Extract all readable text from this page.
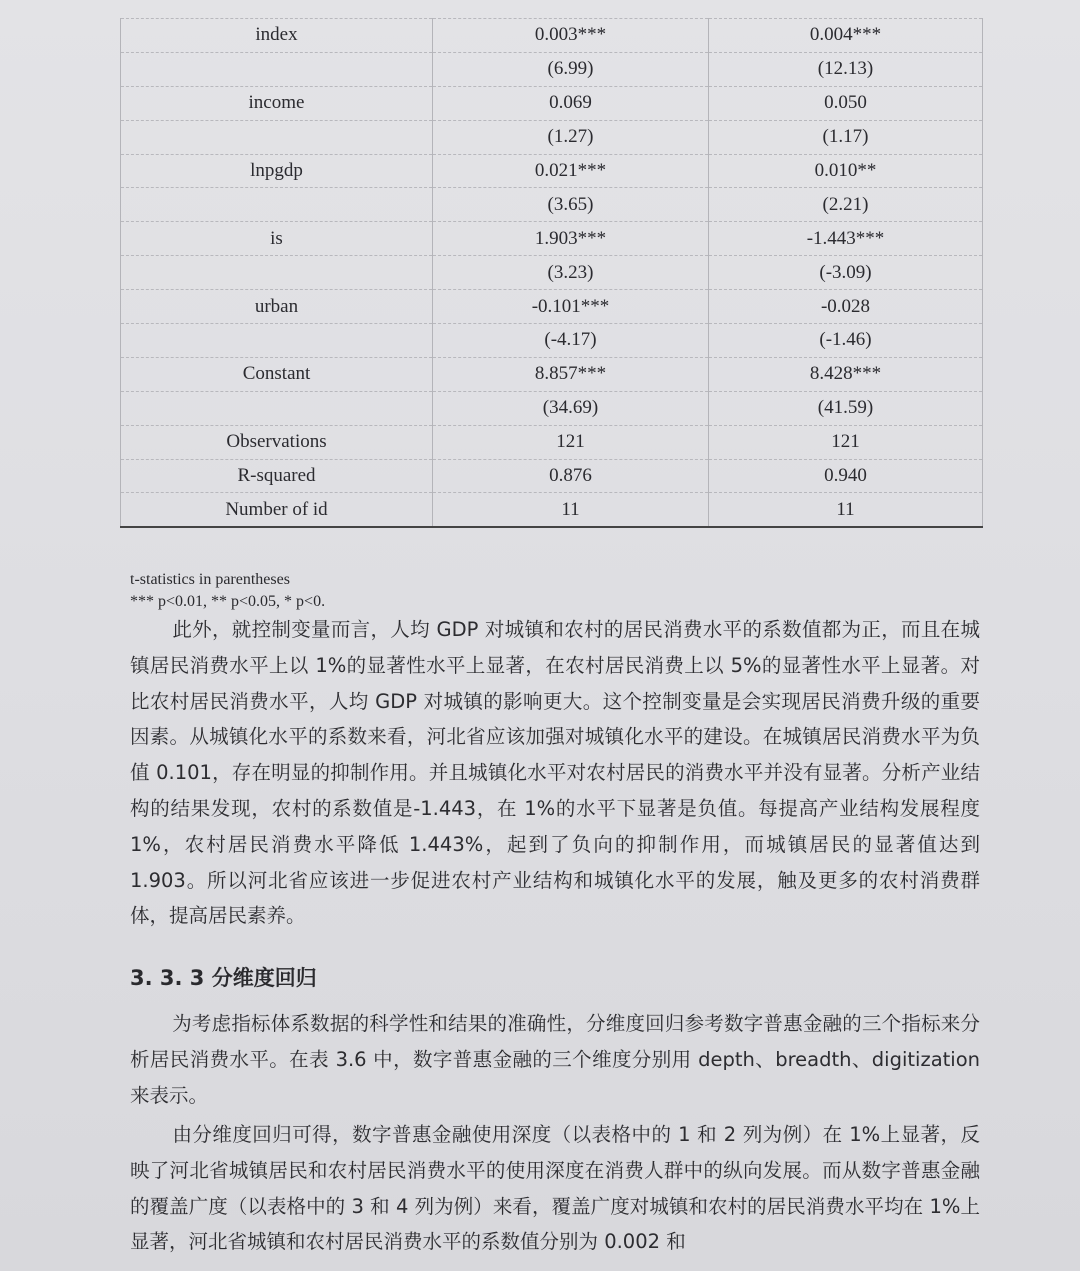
index	0.003***	0.004***
	(6.99)	(12.13)
income	0.069	0.050
	(1.27)	(1.17)
lnpgdp	0.021***	0.010**
	(3.65)	(2.21)
is	1.903***	-1.443***
	(3.23)	(-3.09)
urban	-0.101***	-0.028
	(-4.17)	(-1.46)
Constant	8.857***	8.428***
	(34.69)	(41.59)
Observations	121	121
R-squared	0.876	0.940
Number of id	11	11
t-statistics in parentheses
*** p<0.01, ** p<0.05, * p<0.

此外，就控制变量而言，人均 GDP 对城镇和农村的居民消费水平的系数值都为正，而且在城镇居民消费水平上以 1%的显著性水平上显著，在农村居民消费上以 5%的显著性水平上显著。对比农村居民消费水平，人均 GDP 对城镇的影响更大。这个控制变量是会实现居民消费升级的重要因素。从城镇化水平的系数来看，河北省应该加强对城镇化水平的建设。在城镇居民消费水平为负值 0.101，存在明显的抑制作用。并且城镇化水平对农村居民的消费水平并没有显著。分析产业结构的结果发现，农村的系数值是-1.443，在 1%的水平下显著是负值。每提高产业结构发展程度 1%，农村居民消费水平降低 1.443%，起到了负向的抑制作用，而城镇居民的显著值达到 1.903。所以河北省应该进一步促进农村产业结构和城镇化水平的发展，触及更多的农村消费群体，提高居民素养。

3. 3. 3 分维度回归

为考虑指标体系数据的科学性和结果的准确性，分维度回归参考数字普惠金融的三个指标来分析居民消费水平。在表 3.6 中，数字普惠金融的三个维度分别用 depth、breadth、digitization 来表示。

由分维度回归可得，数字普惠金融使用深度（以表格中的 1 和 2 列为例）在 1%上显著，反映了河北省城镇居民和农村居民消费水平的使用深度在消费人群中的纵向发展。而从数字普惠金融的覆盖广度（以表格中的 3 和 4 列为例）来看，覆盖广度对城镇和农村的居民消费水平均在 1%上显著，河北省城镇和农村居民消费水平的系数值分别为 0.002 和
